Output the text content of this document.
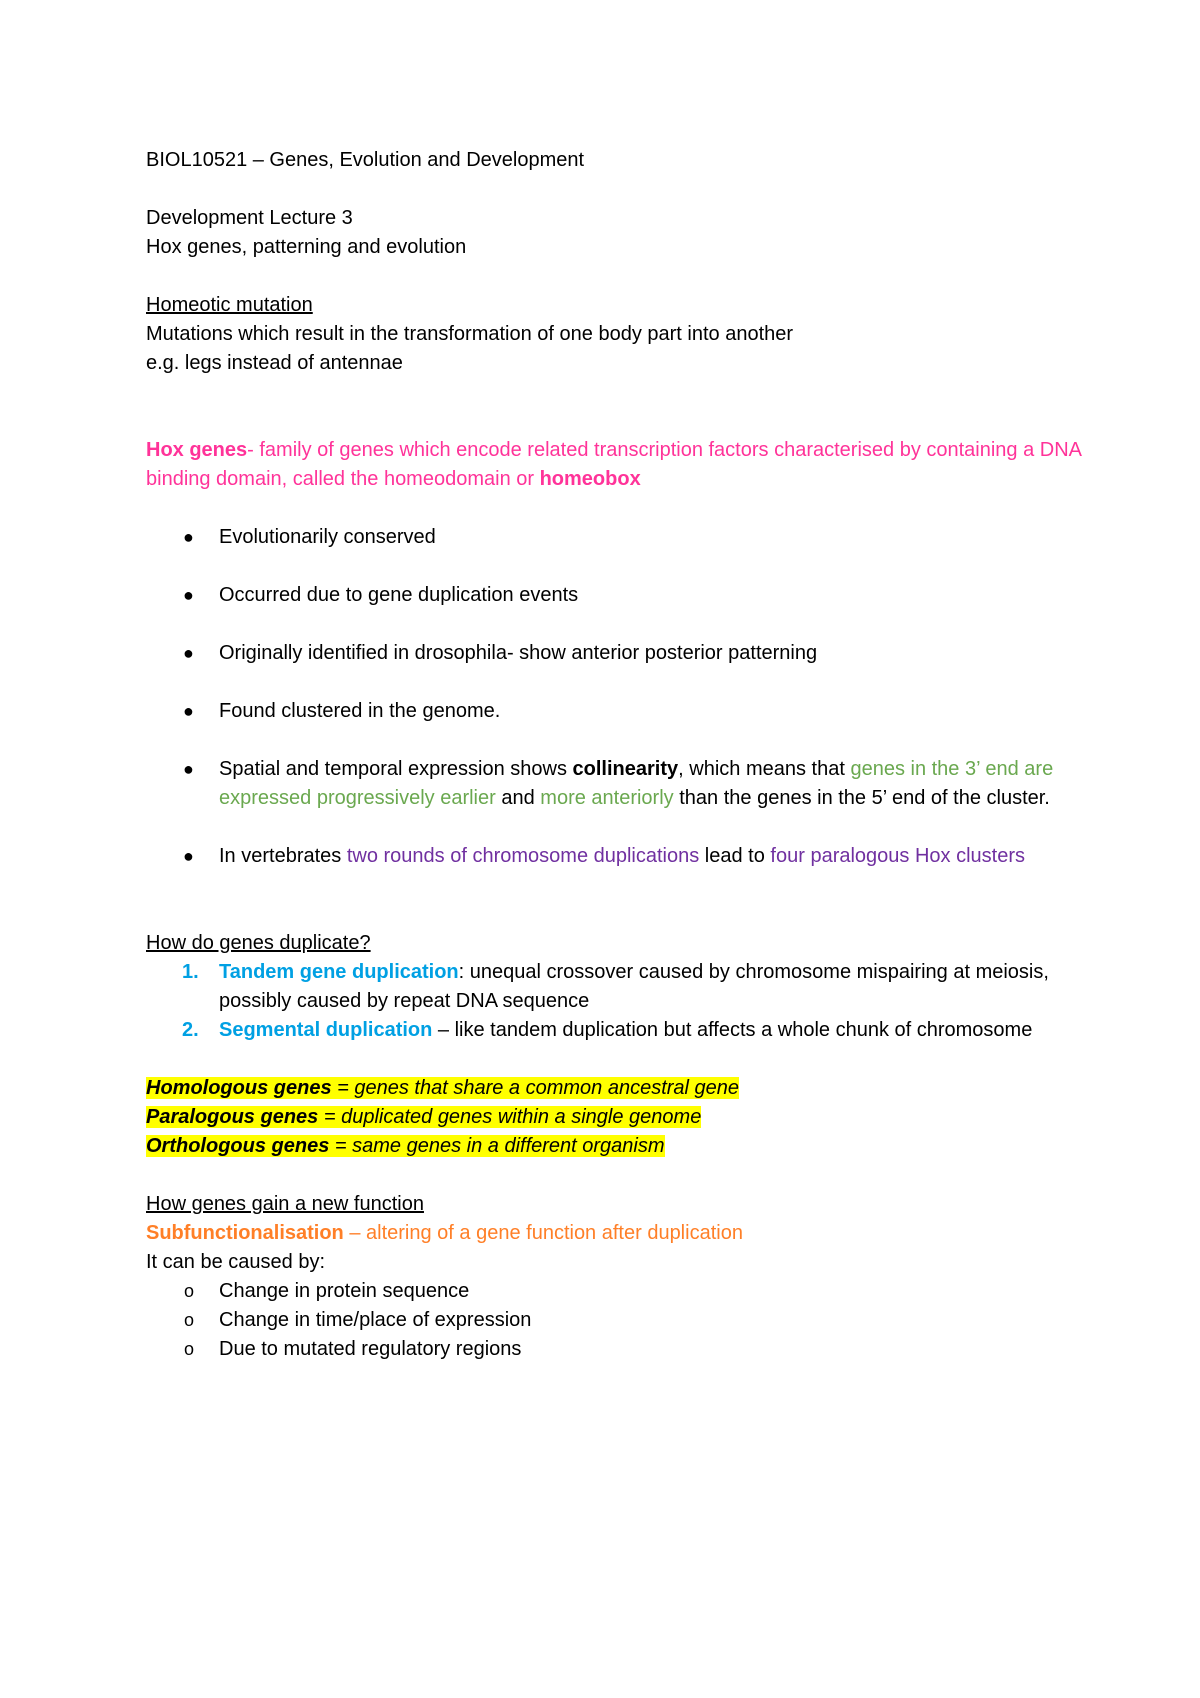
BIOL10521 – Genes, Evolution and Development

Development Lecture 3

Hox genes, patterning and evolution

Homeotic mutation

Mutations which result in the transformation of one body part into another

e.g. legs instead of antennae

Hox genes- family of genes which encode related transcription factors characterised by containing a DNA binding domain, called the homeodomain or homeobox

● Evolutionarily conserved
● Occurred due to gene duplication events
● Originally identified in drosophila- show anterior posterior patterning
● Found clustered in the genome.
● Spatial and temporal expression shows collinearity, which means that genes in the 3’ end are expressed progressively earlier and more anteriorly than the genes in the 5’ end of the cluster.
● In vertebrates two rounds of chromosome duplications lead to four paralogous Hox clusters

How do genes duplicate?

1. Tandem gene duplication: unequal crossover caused by chromosome mispairing at meiosis, possibly caused by repeat DNA sequence
2. Segmental duplication – like tandem duplication but affects a whole chunk of chromosome

Homologous genes = genes that share a common ancestral gene

Paralogous genes = duplicated genes within a single genome

Orthologous genes = same genes in a different organism

How genes gain a new function

Subfunctionalisation – altering of a gene function after duplication

It can be caused by:

o Change in protein sequence
o Change in time/place of expression
o Due to mutated regulatory regions
